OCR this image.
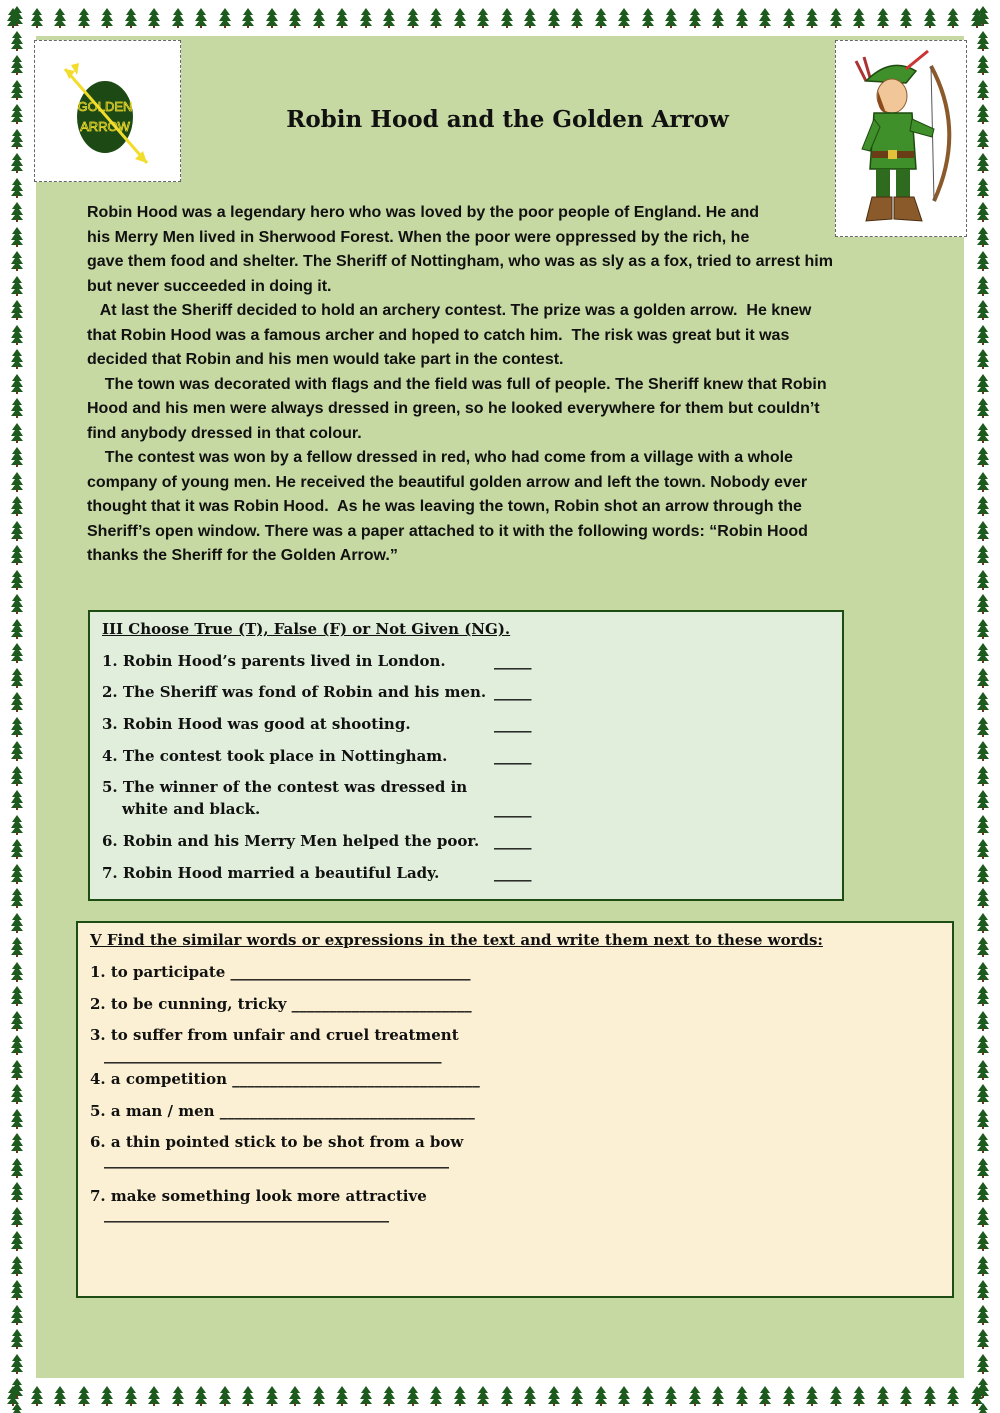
GOLDEN
ARROW	Robin Hood and the Golden Arrow
Robin Hood was a legendary hero who was loved by the poor people of England. He and
his Merry Men lived in Sherwood Forest. When the poor were oppressed by the rich, he
gave them food and shelter. The Sheriff of Nottingham, who was as sly as a fox, tried to arrest him
but never succeeded in doing it.
At last the Sheriff decided to hold an archery contest. The prize was a golden arrow.  He knew
that Robin Hood was a famous archer and hoped to catch him.  The risk was great but it was
decided that Robin and his men would take part in the contest.
The town was decorated with flags and the field was full of people. The Sheriff knew that Robin
Hood and his men were always dressed in green, so he looked everywhere for them but couldn’t
find anybody dressed in that colour.
The contest was won by a fellow dressed in red, who had come from a village with a whole
company of young men. He received the beautiful golden arrow and left the town. Nobody ever
thought that it was Robin Hood.  As he was leaving the town, Robin shot an arrow through the
Sheriff’s open window. There was a paper attached to it with the following words: “Robin Hood
thanks the Sheriff for the Golden Arrow.”
III Choose True (T), False (F) or Not Given (NG).
1. Robin Hood’s parents lived in London.	_____
2. The Sheriff was fond of Robin and his men. _____
3. Robin Hood was good at shooting.	_____
4. The contest took place in Nottingham.	_____
5. The winner of the contest was dressed in
white and black.	_____
6. Robin and his Merry Men helped the poor. _____
7. Robin Hood married a beautiful Lady.	_____
V Find the similar words or expressions in the text and write them next to these words:
1. to participate ________________________________
2. to be cunning, tricky ________________________
3. to suffer from unfair and cruel treatment
_____________________________________________
4. a competition _________________________________
5. a man / men __________________________________
6. a thin pointed stick to be shot from a bow
______________________________________________
7. make something look more attractive
______________________________________
